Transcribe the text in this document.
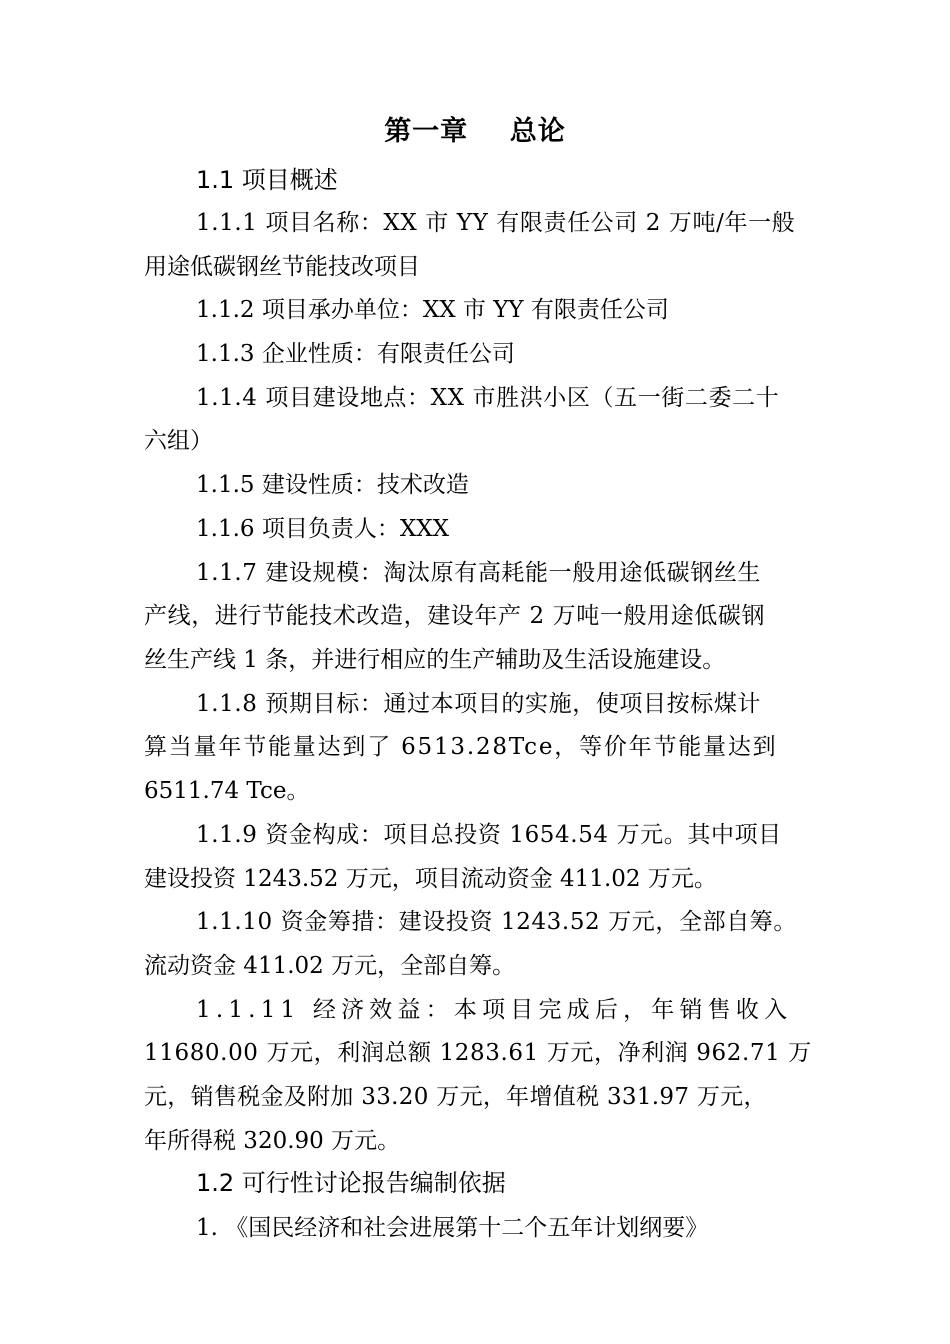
第一章    总论
1.1 项目概述
1.1.1 项目名称：XX 市 YY 有限责任公司 2 万吨/年一般
用途低碳钢丝节能技改项目
1.1.2 项目承办单位：XX 市 YY 有限责任公司
1.1.3 企业性质：有限责任公司
1.1.4 项目建设地点：XX 市胜洪小区（五一街二委二十
六组）
1.1.5 建设性质：技术改造
1.1.6 项目负责人：XXX
1.1.7 建设规模：淘汰原有高耗能一般用途低碳钢丝生
产线，进行节能技术改造，建设年产 2 万吨一般用途低碳钢
丝生产线 1 条，并进行相应的生产辅助及生活设施建设。
1.1.8 预期目标：通过本项目的实施，使项目按标煤计
算当量年节能量达到了 6513.28Tce，等价年节能量达到
6511.74 Tce。
1.1.9 资金构成：项目总投资 1654.54 万元。其中项目
建设投资 1243.52 万元，项目流动资金 411.02 万元。
1.1.10 资金筹措：建设投资 1243.52 万元，全部自筹。
流动资金 411.02 万元，全部自筹。
1.1.11 经济效益：本项目完成后，年销售收入
11680.00 万元，利润总额 1283.61 万元，净利润 962.71 万
元，销售税金及附加 33.20 万元，年增值税 331.97 万元，
年所得税 320.90 万元。
1.2 可行性讨论报告编制依据
1. 《国民经济和社会进展第十二个五年计划纲要》
